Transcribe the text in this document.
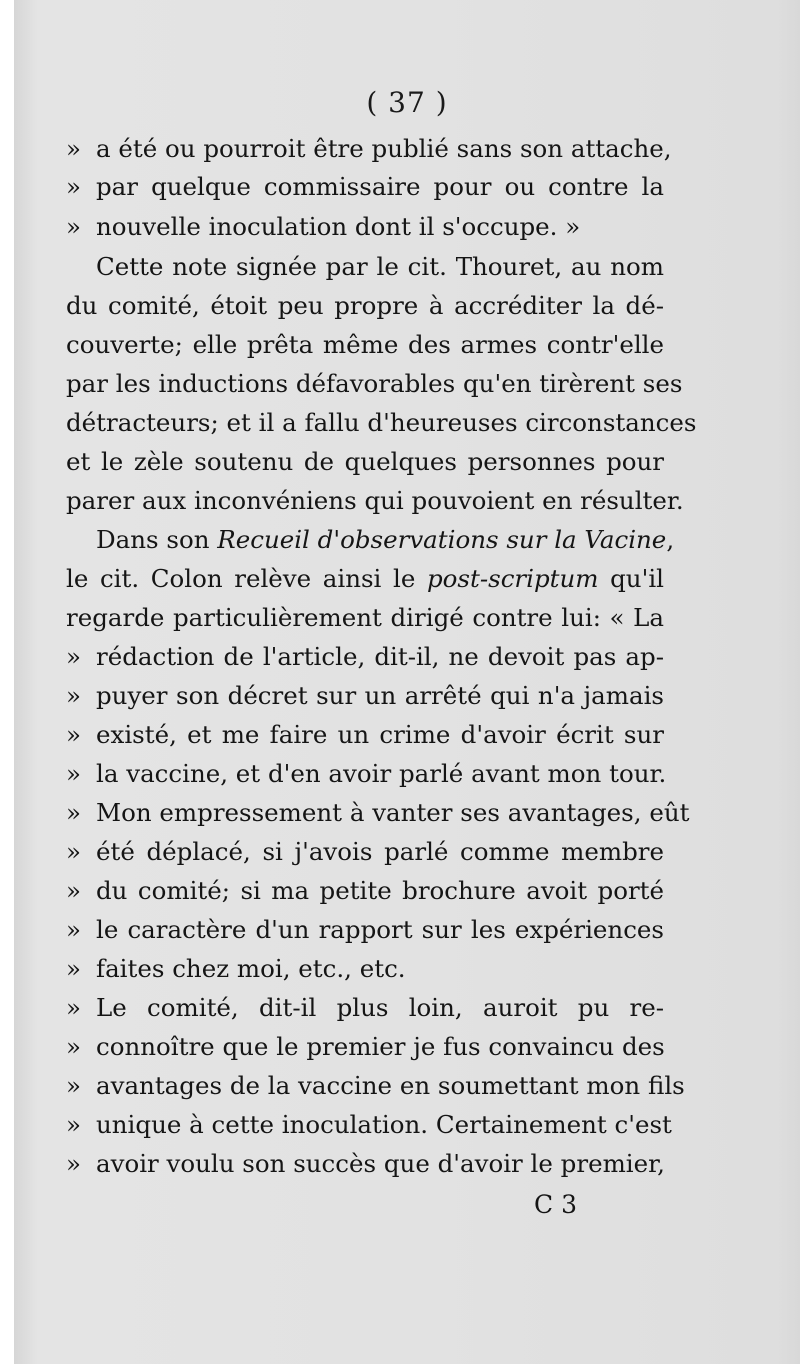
( 37 )
» a été ou pourroit être publié sans son attache,
» par quelque commissaire pour ou contre la
» nouvelle inoculation dont il s'occupe. »
Cette note signée par le cit. Thouret, au nom
du comité, étoit peu propre à accréditer la dé-
couverte; elle prêta même des armes contr'elle
par les inductions défavorables qu'en tirèrent ses
détracteurs; et il a fallu d'heureuses circonstances
et le zèle soutenu de quelques personnes pour
parer aux inconvéniens qui pouvoient en résulter.
Dans son Recueil d'observations sur la Vacine,
le cit. Colon relève ainsi le post-scriptum qu'il
regarde particulièrement dirigé contre lui: « La
» rédaction de l'article, dit-il, ne devoit pas ap-
» puyer son décret sur un arrêté qui n'a jamais
» existé, et me faire un crime d'avoir écrit sur
» la vaccine, et d'en avoir parlé avant mon tour.
» Mon empressement à vanter ses avantages, eût
» été déplacé, si j'avois parlé comme membre
» du comité; si ma petite brochure avoit porté
» le caractère d'un rapport sur les expériences
» faites chez moi, etc., etc.
» Le comité, dit-il plus loin, auroit pu re-
» connoître que le premier je fus convaincu des
» avantages de la vaccine en soumettant mon fils
» unique à cette inoculation. Certainement c'est
» avoir voulu son succès que d'avoir le premier,
C 3
